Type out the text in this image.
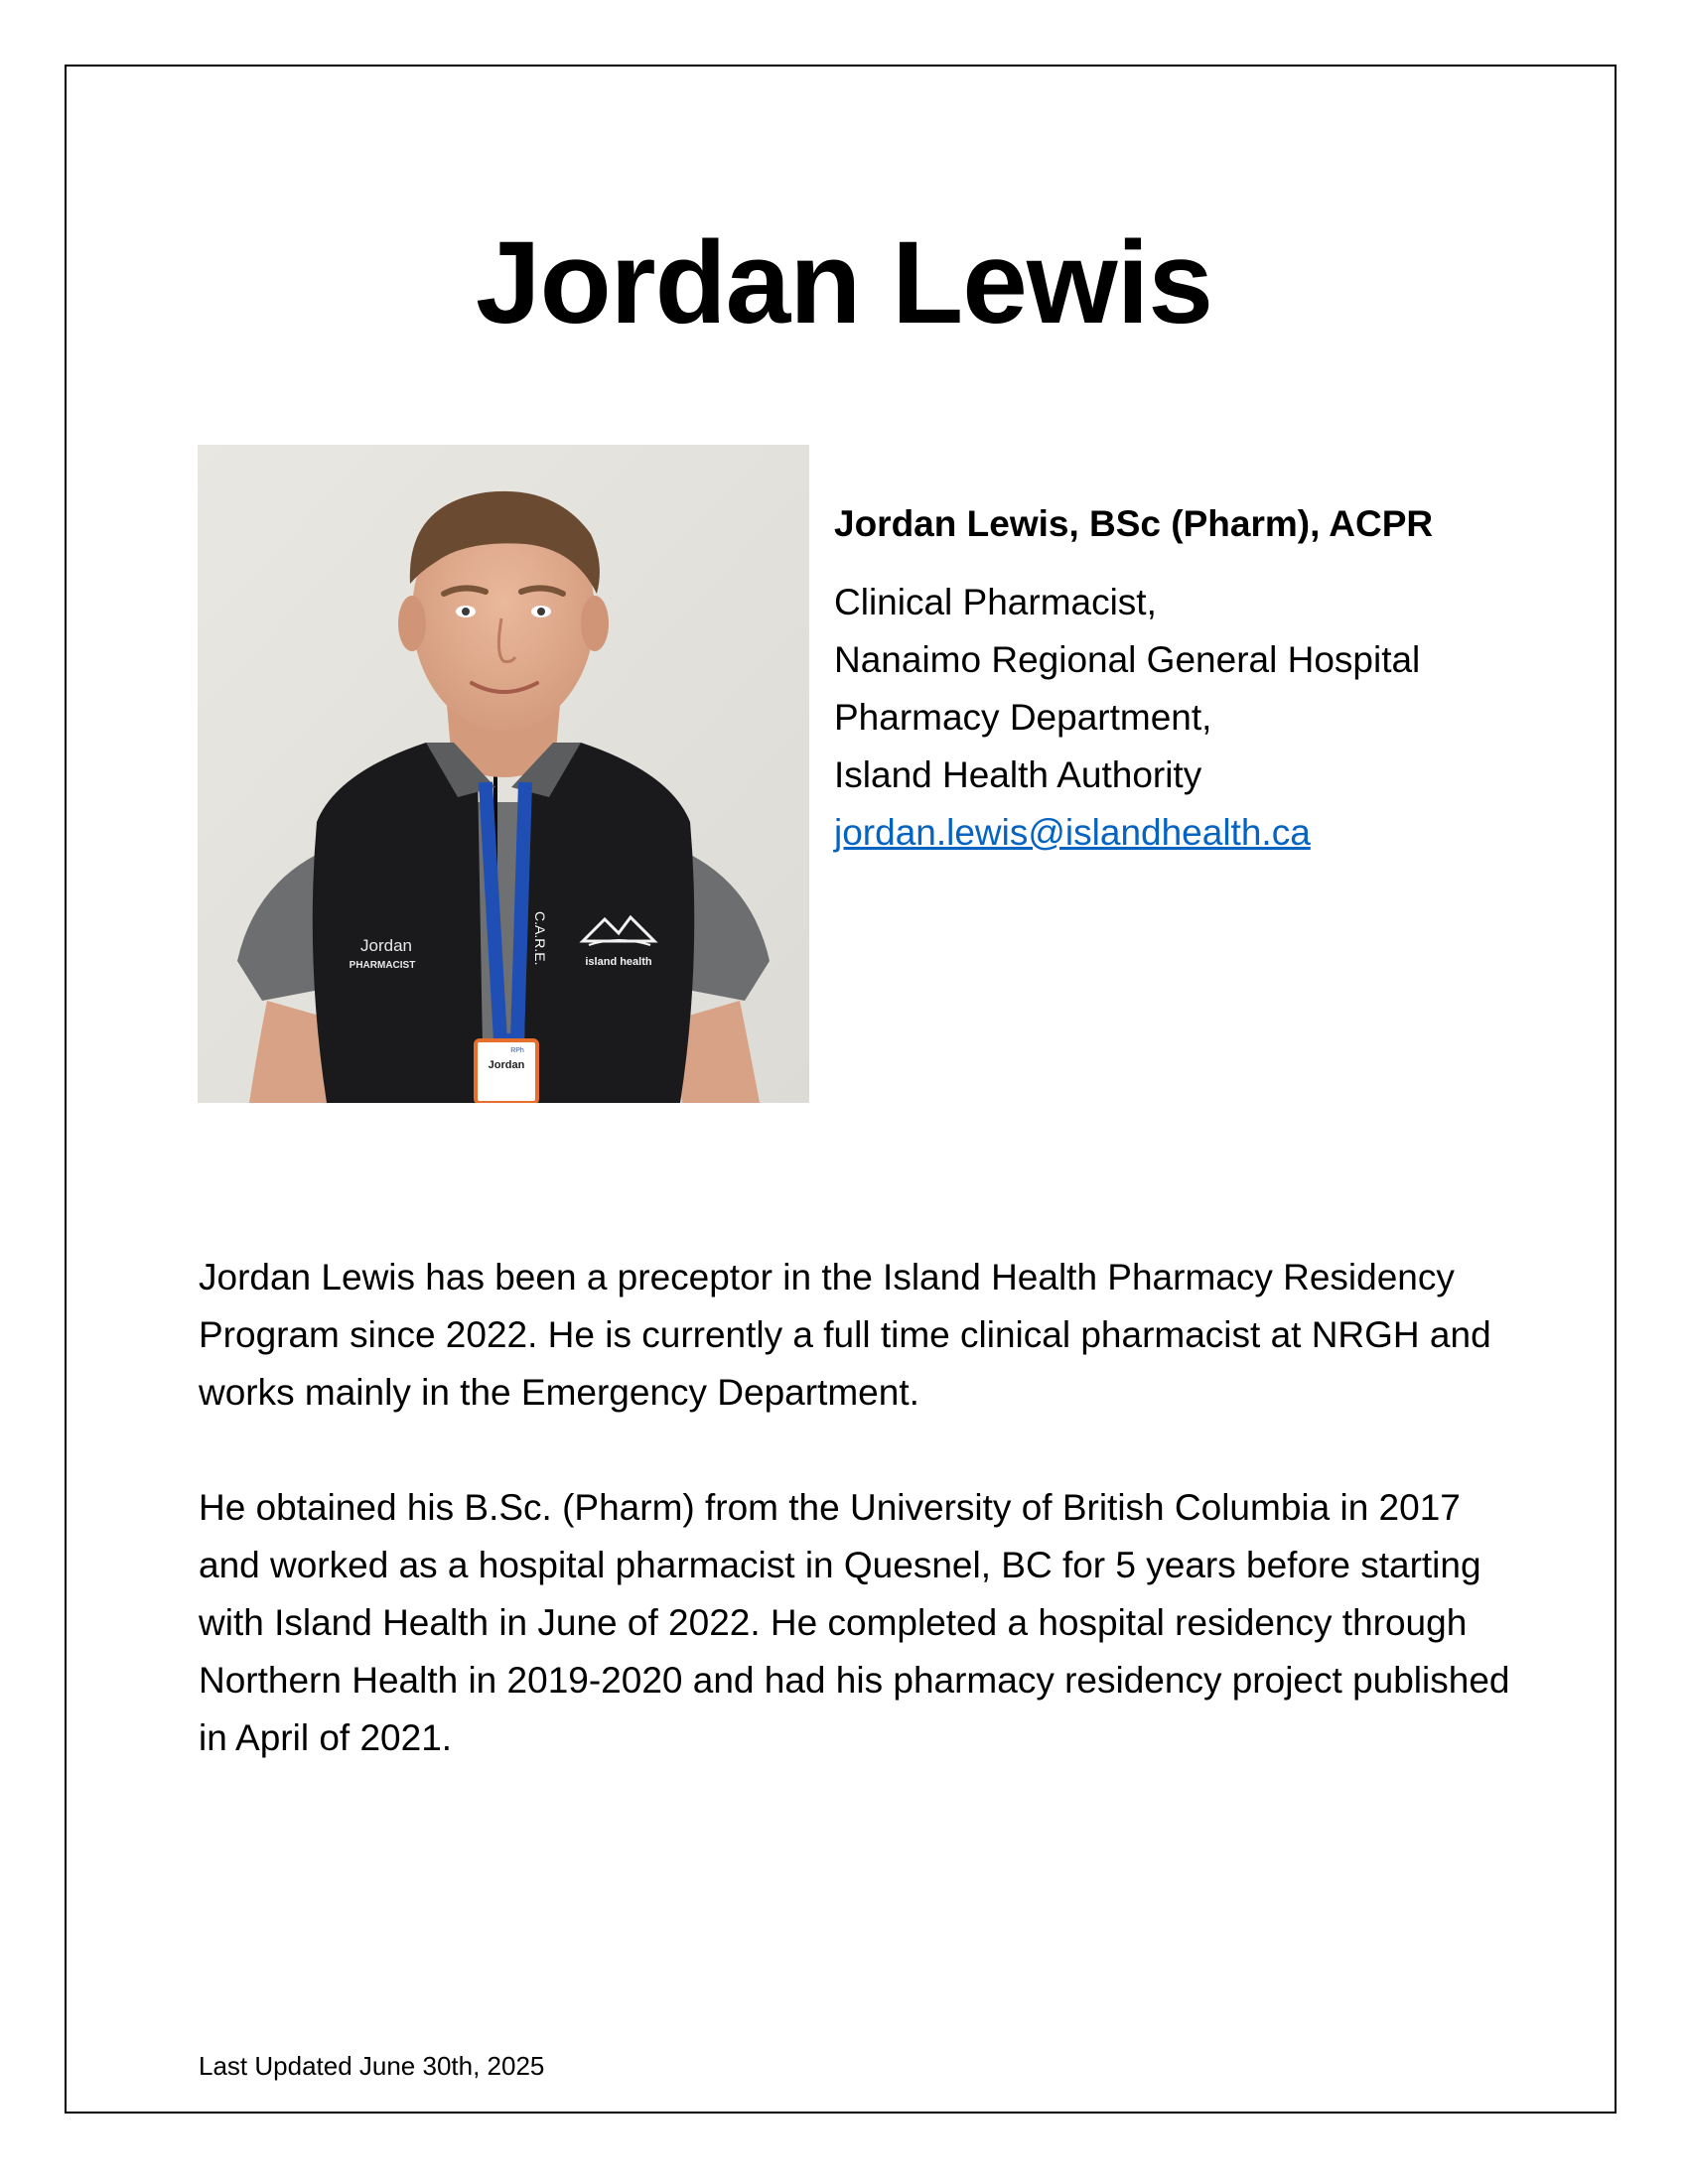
Jordan Lewis
C.A.R.E.
Jordan
RPh
Jordan
PHARMACIST	island health

Jordan Lewis, BSc (Pharm), ACPR

Clinical Pharmacist,

Nanaimo Regional General Hospital

Pharmacy Department,

Island Health Authority

jordan.lewis@islandhealth.ca

Jordan Lewis has been a preceptor in the Island Health Pharmacy Residency Program since 2022. He is currently a full time clinical pharmacist at NRGH and works mainly in the Emergency Department.

He obtained his B.Sc. (Pharm) from the University of British Columbia in 2017 and worked as a hospital pharmacist in Quesnel, BC for 5 years before starting with Island Health in June of 2022. He completed a hospital residency through Northern Health in 2019-2020 and had his pharmacy residency project published in April of 2021.

Last Updated June 30th, 2025
